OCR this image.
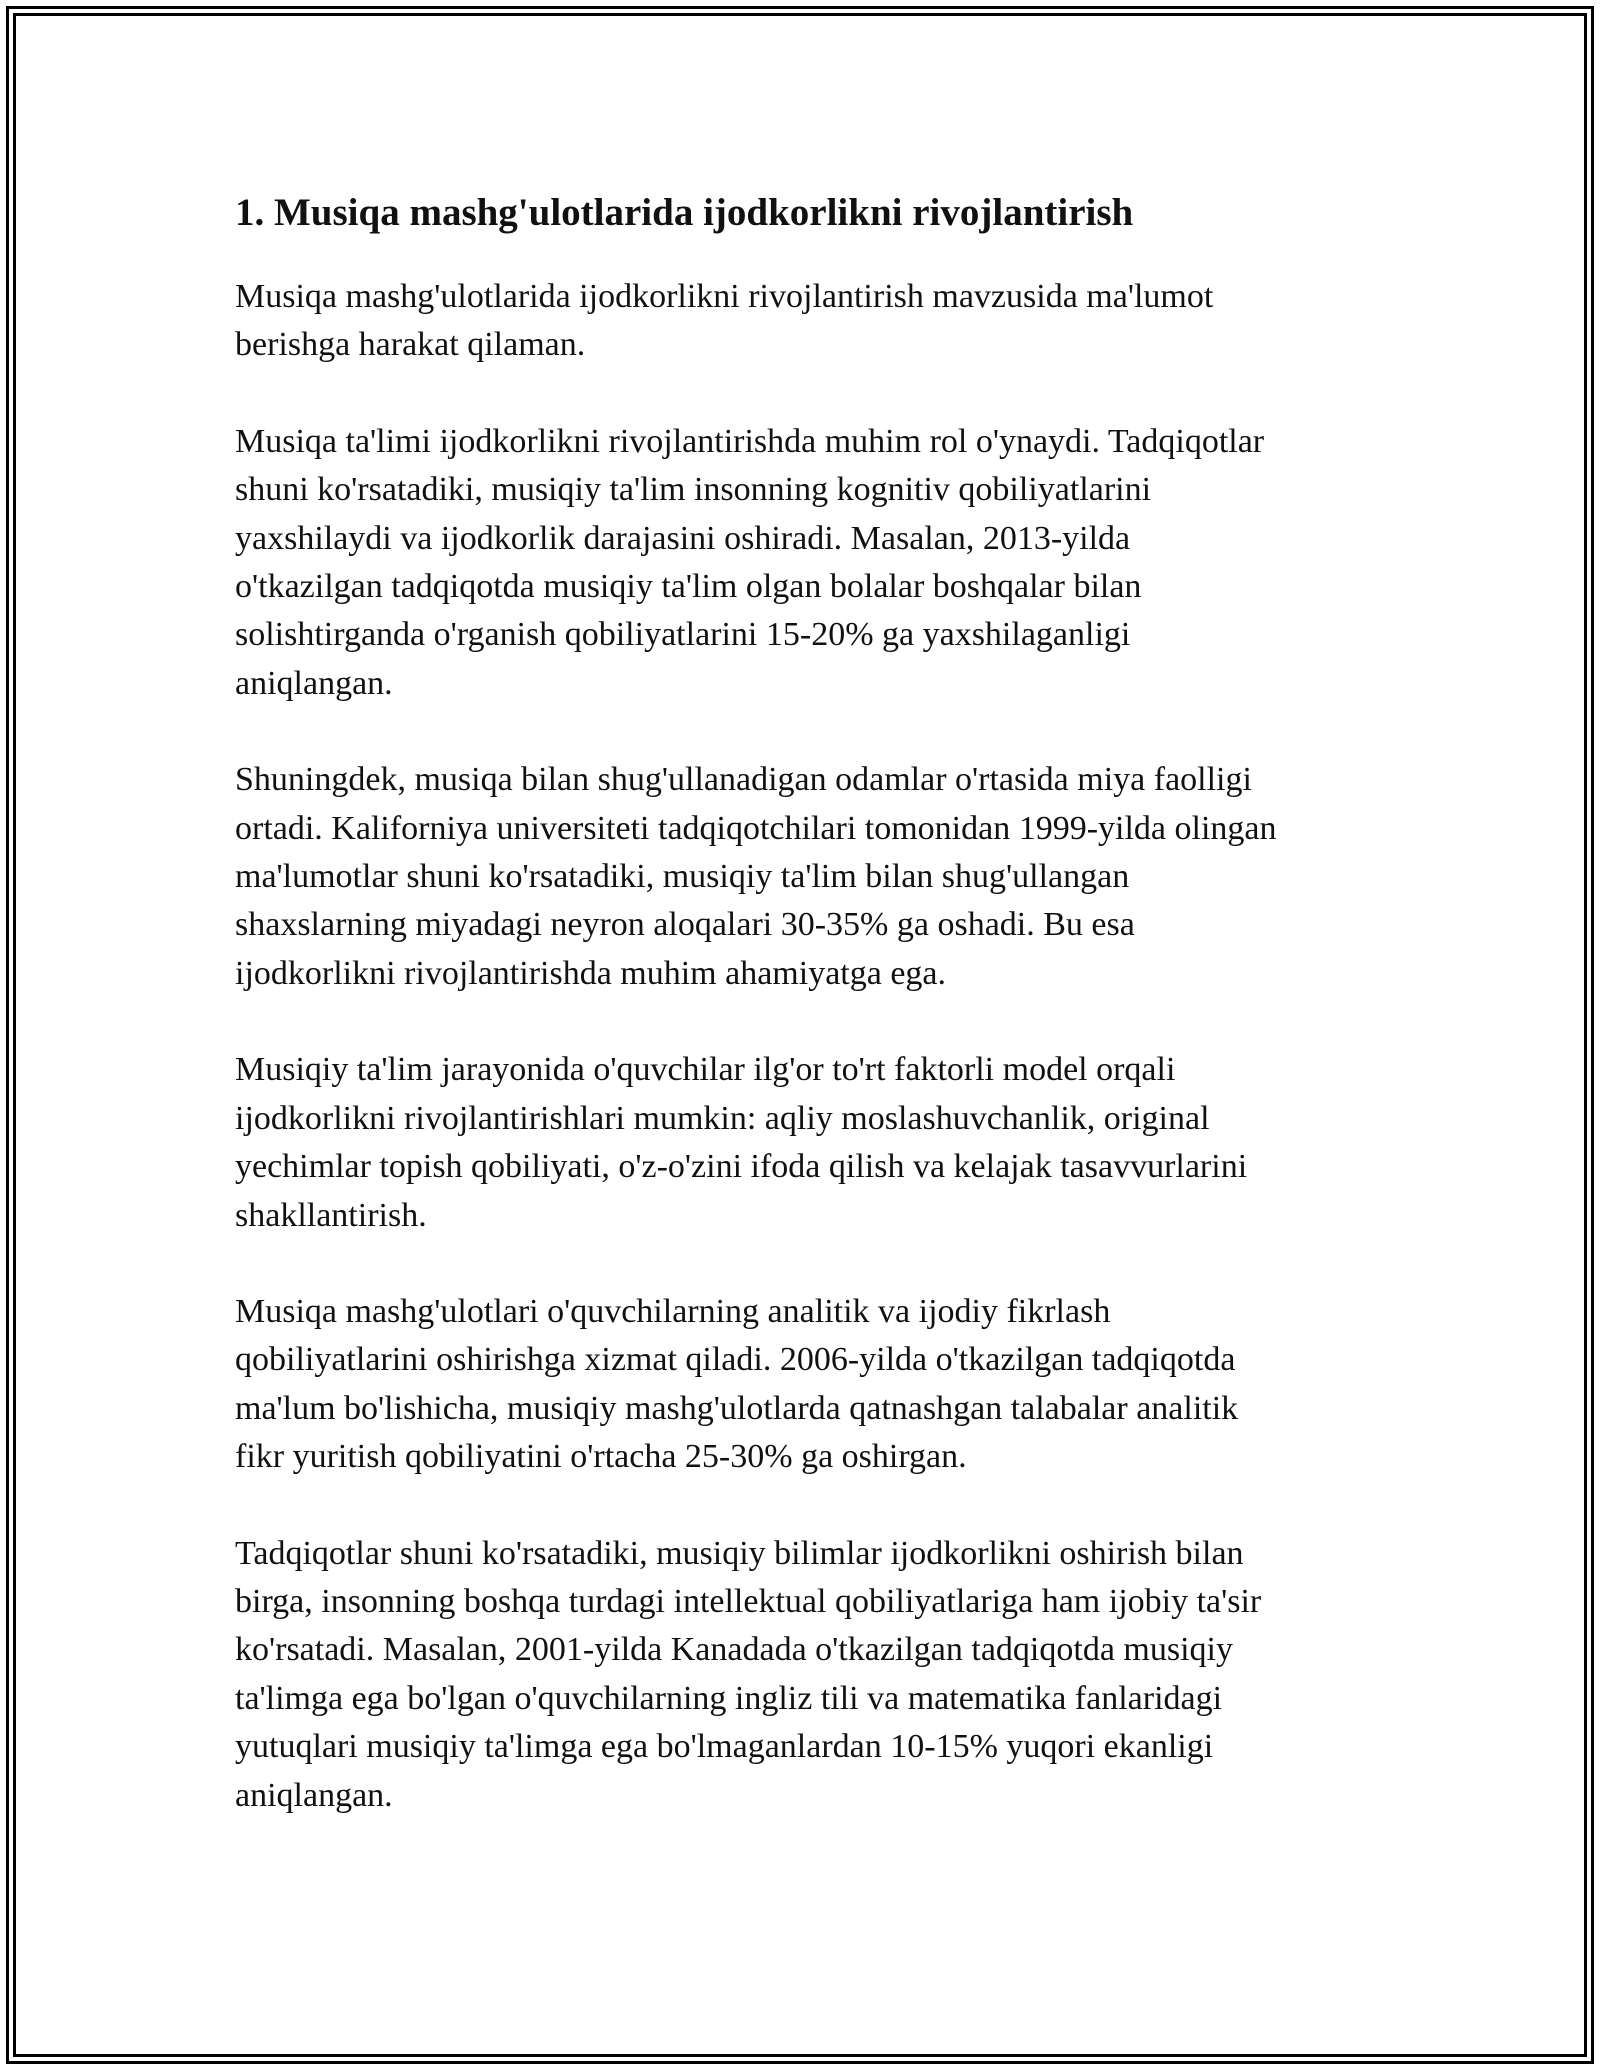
1. Musiqa mashg'ulotlarida ijodkorlikni rivojlantirish

Musiqa mashg'ulotlarida ijodkorlikni rivojlantirish mavzusida ma'lumot
berishga harakat qilaman.

Musiqa ta'limi ijodkorlikni rivojlantirishda muhim rol o'ynaydi. Tadqiqotlar
shuni ko'rsatadiki, musiqiy ta'lim insonning kognitiv qobiliyatlarini
yaxshilaydi va ijodkorlik darajasini oshiradi. Masalan, 2013-yilda
o'tkazilgan tadqiqotda musiqiy ta'lim olgan bolalar boshqalar bilan
solishtirganda o'rganish qobiliyatlarini 15-20% ga yaxshilaganligi
aniqlangan.

Shuningdek, musiqa bilan shug'ullanadigan odamlar o'rtasida miya faolligi
ortadi. Kaliforniya universiteti tadqiqotchilari tomonidan 1999-yilda olingan
ma'lumotlar shuni ko'rsatadiki, musiqiy ta'lim bilan shug'ullangan
shaxslarning miyadagi neyron aloqalari 30-35% ga oshadi. Bu esa
ijodkorlikni rivojlantirishda muhim ahamiyatga ega.

Musiqiy ta'lim jarayonida o'quvchilar ilg'or to'rt faktorli model orqali
ijodkorlikni rivojlantirishlari mumkin: aqliy moslashuvchanlik, original
yechimlar topish qobiliyati, o'z-o'zini ifoda qilish va kelajak tasavvurlarini
shakllantirish.

Musiqa mashg'ulotlari o'quvchilarning analitik va ijodiy fikrlash
qobiliyatlarini oshirishga xizmat qiladi. 2006-yilda o'tkazilgan tadqiqotda
ma'lum bo'lishicha, musiqiy mashg'ulotlarda qatnashgan talabalar analitik
fikr yuritish qobiliyatini o'rtacha 25-30% ga oshirgan.

Tadqiqotlar shuni ko'rsatadiki, musiqiy bilimlar ijodkorlikni oshirish bilan
birga, insonning boshqa turdagi intellektual qobiliyatlariga ham ijobiy ta'sir
ko'rsatadi. Masalan, 2001-yilda Kanadada o'tkazilgan tadqiqotda musiqiy
ta'limga ega bo'lgan o'quvchilarning ingliz tili va matematika fanlaridagi
yutuqlari musiqiy ta'limga ega bo'lmaganlardan 10-15% yuqori ekanligi
aniqlangan.
